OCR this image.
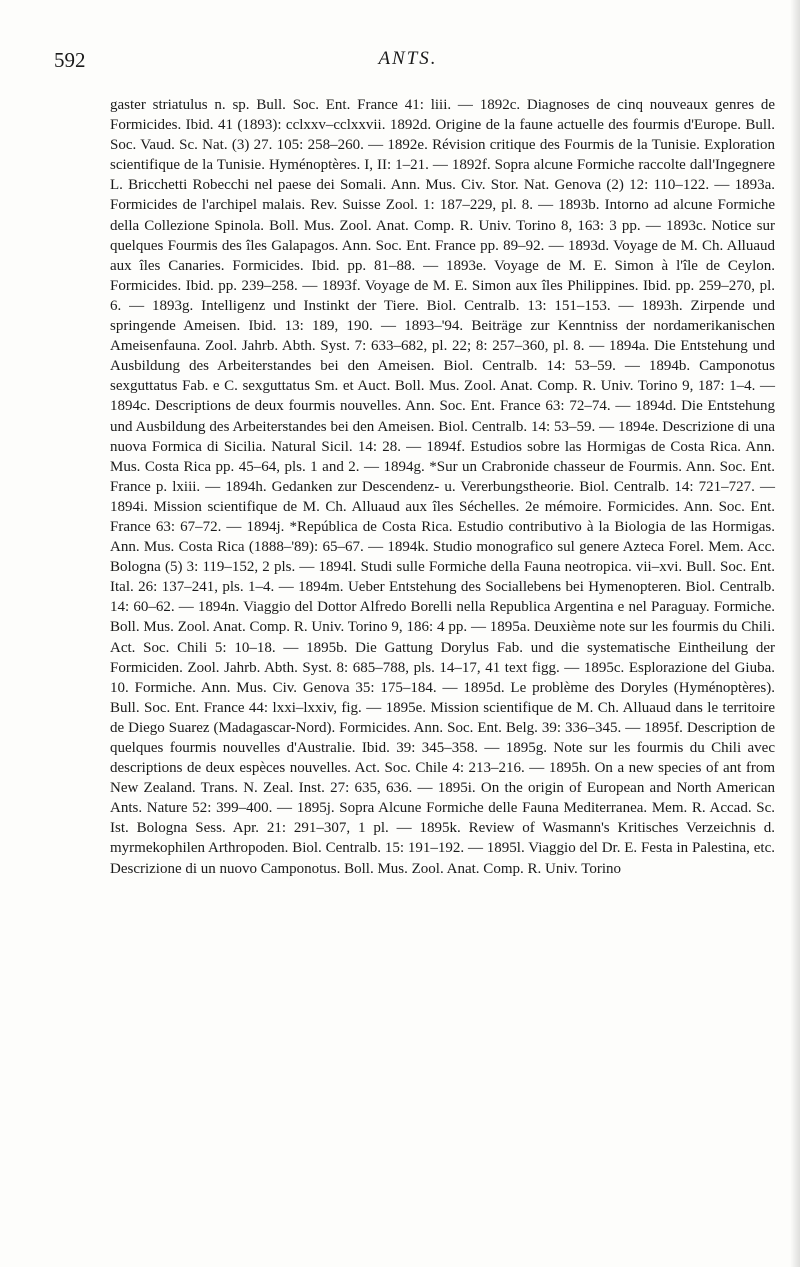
592	ANTS.

gaster striatulus n. sp. Bull. Soc. Ent. France 41: liii. — 1892c. Diagnoses de cinq nouveaux genres de Formicides. Ibid. 41 (1893): cclxxv–cclxxvii. 1892d. Origine de la faune actuelle des fourmis d'Europe. Bull. Soc. Vaud. Sc. Nat. (3) 27. 105: 258–260. — 1892e. Révision critique des Fourmis de la Tunisie. Exploration scientifique de la Tunisie. Hyménoptères. I, II: 1–21. — 1892f. Sopra alcune Formiche raccolte dall'Ingegnere L. Bricchetti Robecchi nel paese dei Somali. Ann. Mus. Civ. Stor. Nat. Genova (2) 12: 110–122. — 1893a. Formicides de l'archipel malais. Rev. Suisse Zool. 1: 187–229, pl. 8. — 1893b. Intorno ad alcune Formiche della Collezione Spinola. Boll. Mus. Zool. Anat. Comp. R. Univ. Torino 8, 163: 3 pp. — 1893c. Notice sur quelques Fourmis des îles Galapagos. Ann. Soc. Ent. France pp. 89–92. — 1893d. Voyage de M. Ch. Alluaud aux îles Canaries. Formicides. Ibid. pp. 81–88. — 1893e. Voyage de M. E. Simon à l'île de Ceylon. Formicides. Ibid. pp. 239–258. — 1893f. Voyage de M. E. Simon aux îles Philippines. Ibid. pp. 259–270, pl. 6. — 1893g. Intelligenz und Instinkt der Tiere. Biol. Centralb. 13: 151–153. — 1893h. Zirpende und springende Ameisen. Ibid. 13: 189, 190. — 1893–'94. Beiträge zur Kenntniss der nordamerikanischen Ameisenfauna. Zool. Jahrb. Abth. Syst. 7: 633–682, pl. 22; 8: 257–360, pl. 8. — 1894a. Die Entstehung und Ausbildung des Arbeiterstandes bei den Ameisen. Biol. Centralb. 14: 53–59. — 1894b. Camponotus sexguttatus Fab. e C. sexguttatus Sm. et Auct. Boll. Mus. Zool. Anat. Comp. R. Univ. Torino 9, 187: 1–4. — 1894c. Descriptions de deux fourmis nouvelles. Ann. Soc. Ent. France 63: 72–74. — 1894d. Die Entstehung und Ausbildung des Arbeiterstandes bei den Ameisen. Biol. Centralb. 14: 53–59. — 1894e. Descrizione di una nuova Formica di Sicilia. Natural Sicil. 14: 28. — 1894f. Estudios sobre las Hormigas de Costa Rica. Ann. Mus. Costa Rica pp. 45–64, pls. 1 and 2. — 1894g. *Sur un Crabronide chasseur de Fourmis. Ann. Soc. Ent. France p. lxiii. — 1894h. Gedanken zur Descendenz- u. Vererbungstheorie. Biol. Centralb. 14: 721–727. — 1894i. Mission scientifique de M. Ch. Alluaud aux îles Séchelles. 2e mémoire. Formicides. Ann. Soc. Ent. France 63: 67–72. — 1894j. *República de Costa Rica. Estudio contributivo à la Biologia de las Hormigas. Ann. Mus. Costa Rica (1888–'89): 65–67. — 1894k. Studio monografico sul genere Azteca Forel. Mem. Acc. Bologna (5) 3: 119–152, 2 pls. — 1894l. Studi sulle Formiche della Fauna neotropica. vii–xvi. Bull. Soc. Ent. Ital. 26: 137–241, pls. 1–4. — 1894m. Ueber Entstehung des Sociallebens bei Hymenopteren. Biol. Centralb. 14: 60–62. — 1894n. Viaggio del Dottor Alfredo Borelli nella Republica Argentina e nel Paraguay. Formiche. Boll. Mus. Zool. Anat. Comp. R. Univ. Torino 9, 186: 4 pp. — 1895a. Deuxième note sur les fourmis du Chili. Act. Soc. Chili 5: 10–18. — 1895b. Die Gattung Dorylus Fab. und die systematische Eintheilung der Formiciden. Zool. Jahrb. Abth. Syst. 8: 685–788, pls. 14–17, 41 text figg. — 1895c. Esplorazione del Giuba. 10. Formiche. Ann. Mus. Civ. Genova 35: 175–184. — 1895d. Le problème des Doryles (Hyménoptères). Bull. Soc. Ent. France 44: lxxi–lxxiv, fig. — 1895e. Mission scientifique de M. Ch. Alluaud dans le territoire de Diego Suarez (Madagascar-Nord). Formicides. Ann. Soc. Ent. Belg. 39: 336–345. — 1895f. Description de quelques fourmis nouvelles d'Australie. Ibid. 39: 345–358. — 1895g. Note sur les fourmis du Chili avec descriptions de deux espèces nouvelles. Act. Soc. Chile 4: 213–216. — 1895h. On a new species of ant from New Zealand. Trans. N. Zeal. Inst. 27: 635, 636. — 1895i. On the origin of European and North American Ants. Nature 52: 399–400. — 1895j. Sopra Alcune Formiche delle Fauna Mediterranea. Mem. R. Accad. Sc. Ist. Bologna Sess. Apr. 21: 291–307, 1 pl. — 1895k. Review of Wasmann's Kritisches Verzeichnis d. myrmekophilen Arthropoden. Biol. Centralb. 15: 191–192. — 1895l. Viaggio del Dr. E. Festa in Palestina, etc. Descrizione di un nuovo Camponotus. Boll. Mus. Zool. Anat. Comp. R. Univ. Torino
